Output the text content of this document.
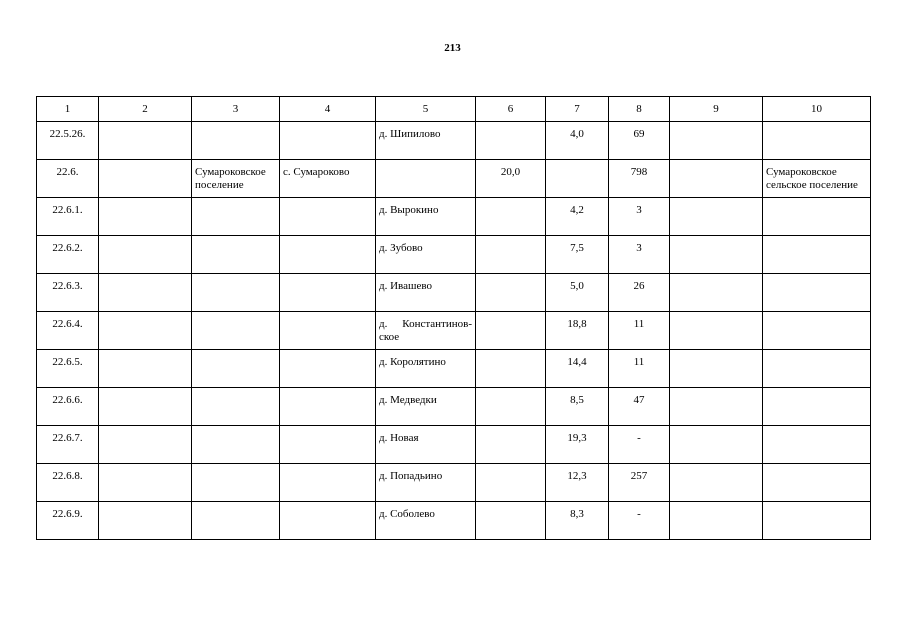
213
1	2	3	4	5	6	7	8	9	10
22.5.26.				д. Шипилово		4,0	69		
22.6.		Сумароковское поселение	с. Сумароково		20,0		798		Сумароковское сельское поселение
22.6.1.				д. Вырокино		4,2	3		
22.6.2.				д. Зубово		7,5	3		
22.6.3.				д. Ивашево		5,0	26		
22.6.4.				д. Константинов-ское		18,8	11		
22.6.5.				д. Королятино		14,4	11		
22.6.6.				д. Медведки		8,5	47		
22.6.7.				д. Новая		19,3	-		
22.6.8.				д. Попадьино		12,3	257		
22.6.9.				д. Соболево		8,3	-		
